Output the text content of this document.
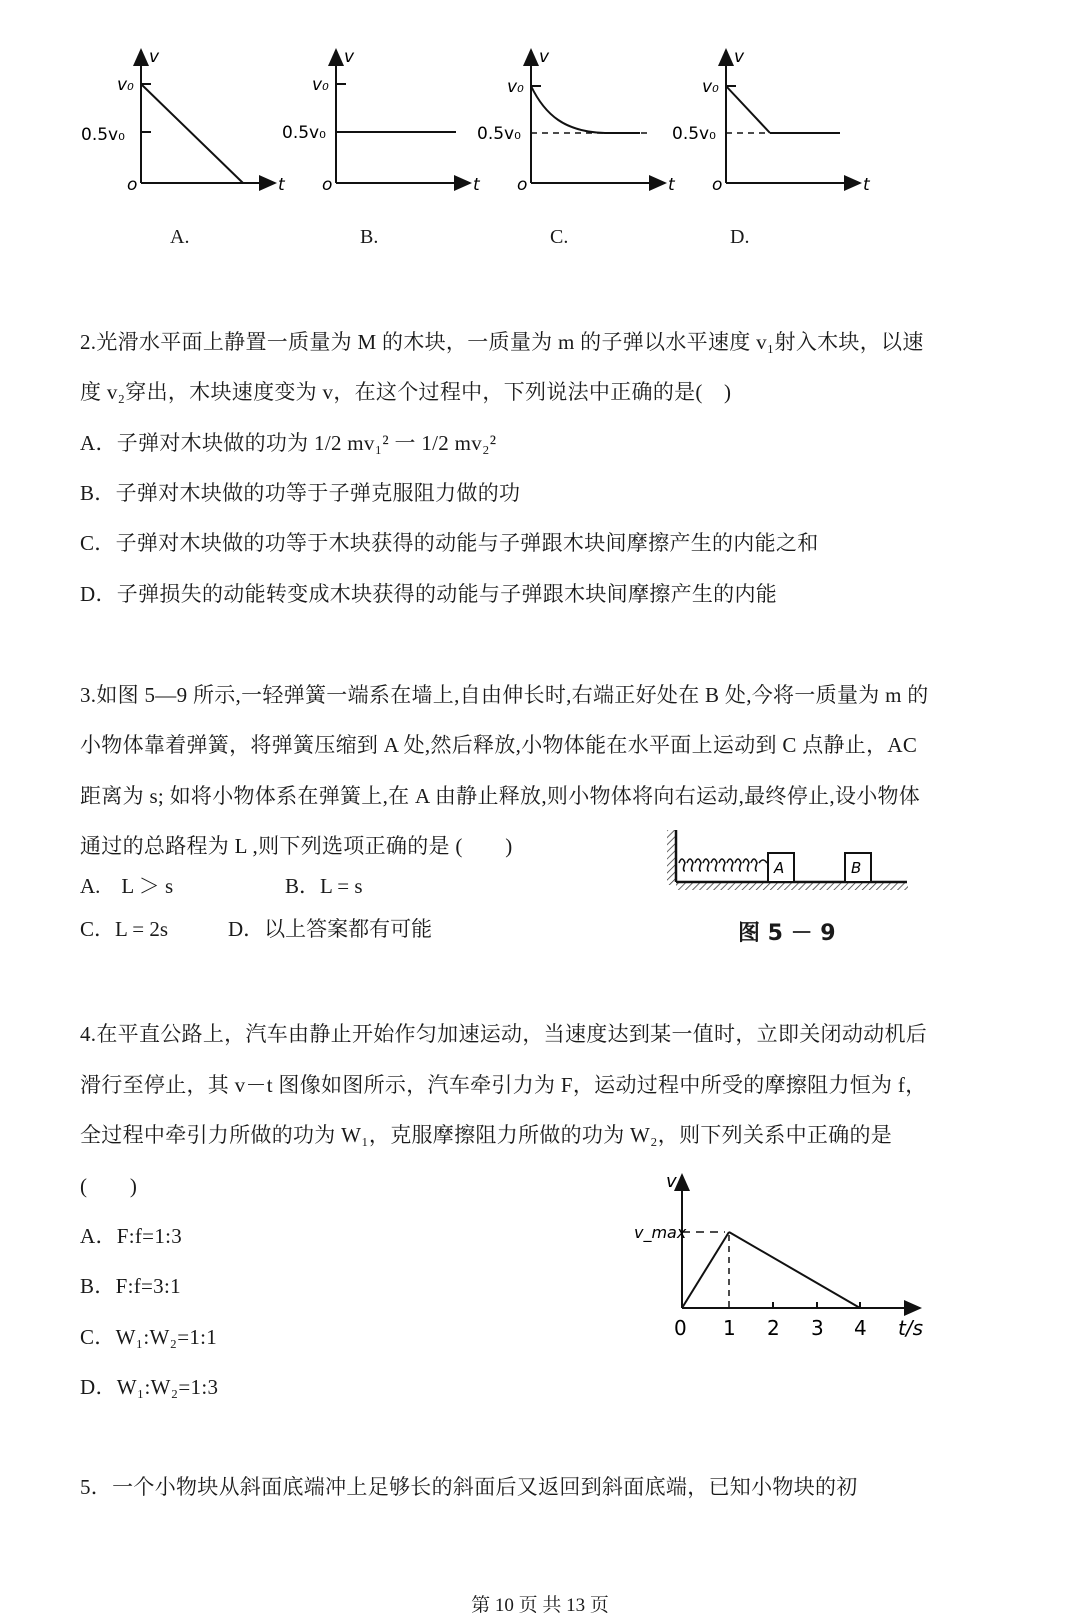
v
v₀
0.5v₀
o	t
v
v₀
0.5v₀
o	t
v
v₀
0.5v₀
o	t
v
v₀
0.5v₀
o	t
A.	B.	C.	D.
2.光滑水平面上静置一质量为 M 的木块，一质量为 m 的子弹以水平速度 v₁射入木块，以速
度 v₂穿出，木块速度变为 v，在这个过程中，下列说法中正确的是(　)
A．子弹对木块做的功为 1/2 mv₁² 一 1/2 mv₂²
B．子弹对木块做的功等于子弹克服阻力做的功
C．子弹对木块做的功等于木块获得的动能与子弹跟木块间摩擦产生的内能之和
D．子弹损失的动能转变成木块获得的动能与子弹跟木块间摩擦产生的内能
3.如图 5—9 所示,一轻弹簧一端系在墙上,自由伸长时,右端正好处在 B 处,今将一质量为 m 的
小物体靠着弹簧，将弹簧压缩到 A 处,然后释放,小物体能在水平面上运动到 C 点静止，AC
距离为 s; 如将小物体系在弹簧上,在 A 由静止释放,则小物体将向右运动,最终停止,设小物体
通过的总路程为 L ,则下列选项正确的是 (　　)
A.　L ＞ s	B．L = s
C．L = 2s	D．以上答案都有可能
A	B
图 5 － 9
4.在平直公路上，汽车由静止开始作匀加速运动，当速度达到某一值时，立即关闭动动机后
滑行至停止，其 v－t 图像如图所示，汽车牵引力为 F，运动过程中所受的摩擦阻力恒为 f，
全过程中牵引力所做的功为 W₁，克服摩擦阻力所做的功为 W₂，则下列关系中正确的是
(　　)
A．F:f=1:3
B．F:f=3:1
C．W₁:W₂=1:1
D．W₁:W₂=1:3
v
v_max
0 1 2 3 4 t/s
5．一个小物块从斜面底端冲上足够长的斜面后又返回到斜面底端，已知小物块的初
第 10 页 共 13 页
